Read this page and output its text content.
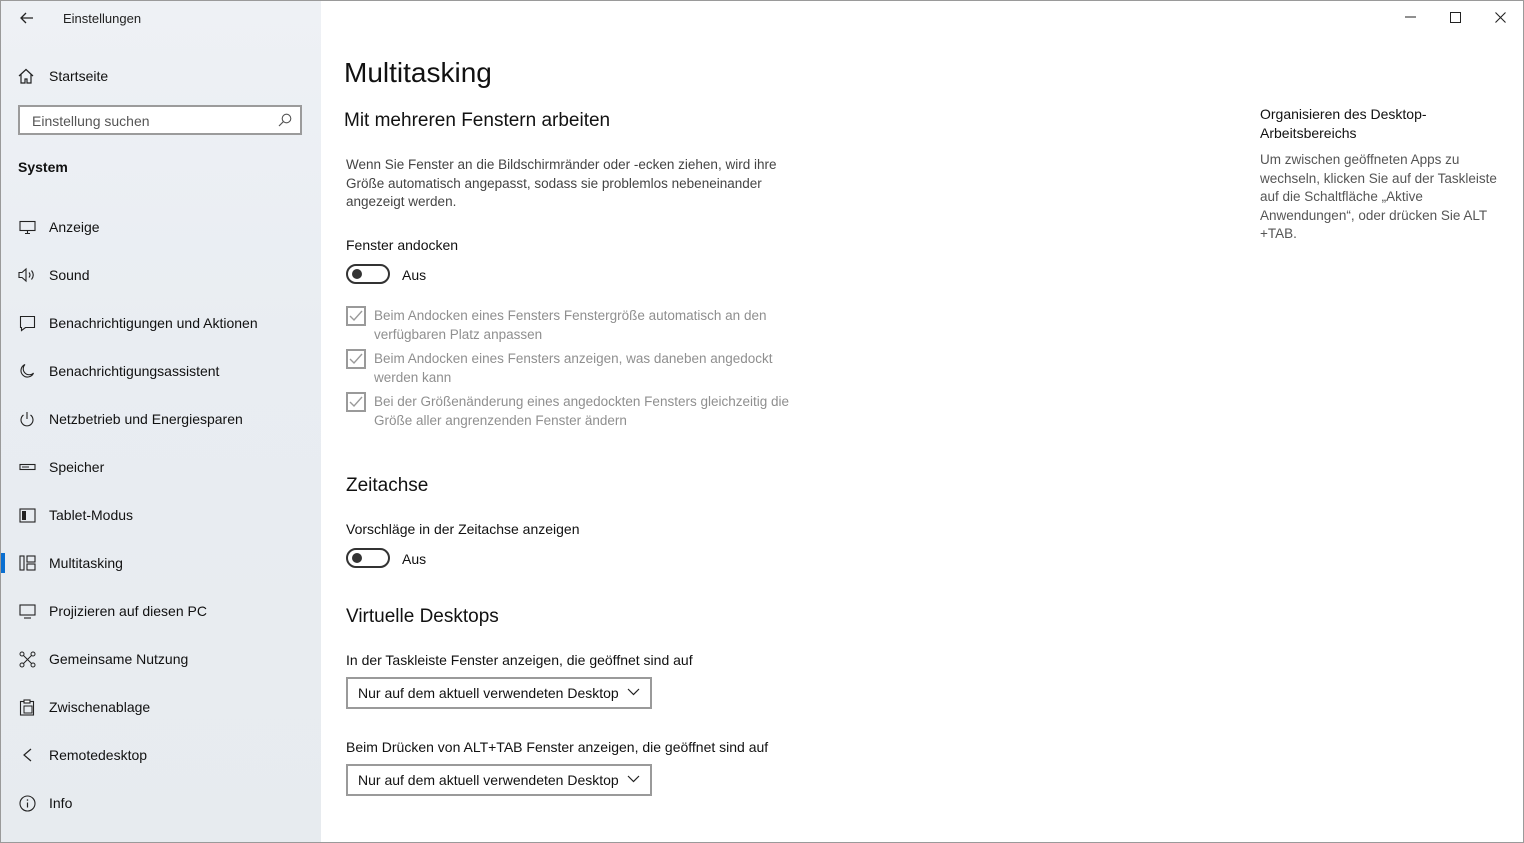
Einstellungen
Startseite
Einstellung suchen
System
Anzeige
Sound
Benachrichtigungen und Aktionen
Benachrichtigungsassistent
Netzbetrieb und Energiesparen
Speicher
Tablet-Modus
Multitasking
Projizieren auf diesen PC
Gemeinsame Nutzung
Zwischenablage
Remotedesktop
Info
Multitasking
Mit mehreren Fenstern arbeiten
Wenn Sie Fenster an die Bildschirmränder oder -ecken ziehen, wird ihre Größe automatisch angepasst, sodass sie problemlos nebeneinander angezeigt werden.
Fenster andocken
Aus
Beim Andocken eines Fensters Fenstergröße automatisch an den verfügbaren Platz anpassen
Beim Andocken eines Fensters anzeigen, was daneben angedockt werden kann
Bei der Größenänderung eines angedockten Fensters gleichzeitig die Größe aller angrenzenden Fenster ändern
Zeitachse
Vorschläge in der Zeitachse anzeigen
Aus
Virtuelle Desktops
In der Taskleiste Fenster anzeigen, die geöffnet sind auf
Nur auf dem aktuell verwendeten Desktop
Beim Drücken von ALT+TAB Fenster anzeigen, die geöffnet sind auf
Nur auf dem aktuell verwendeten Desktop
Organisieren des Desktop-Arbeitsbereichs
Um zwischen geöffneten Apps zu wechseln, klicken Sie auf der Taskleiste auf die Schaltfläche „Aktive Anwendungen“, oder drücken Sie ALT +TAB.
